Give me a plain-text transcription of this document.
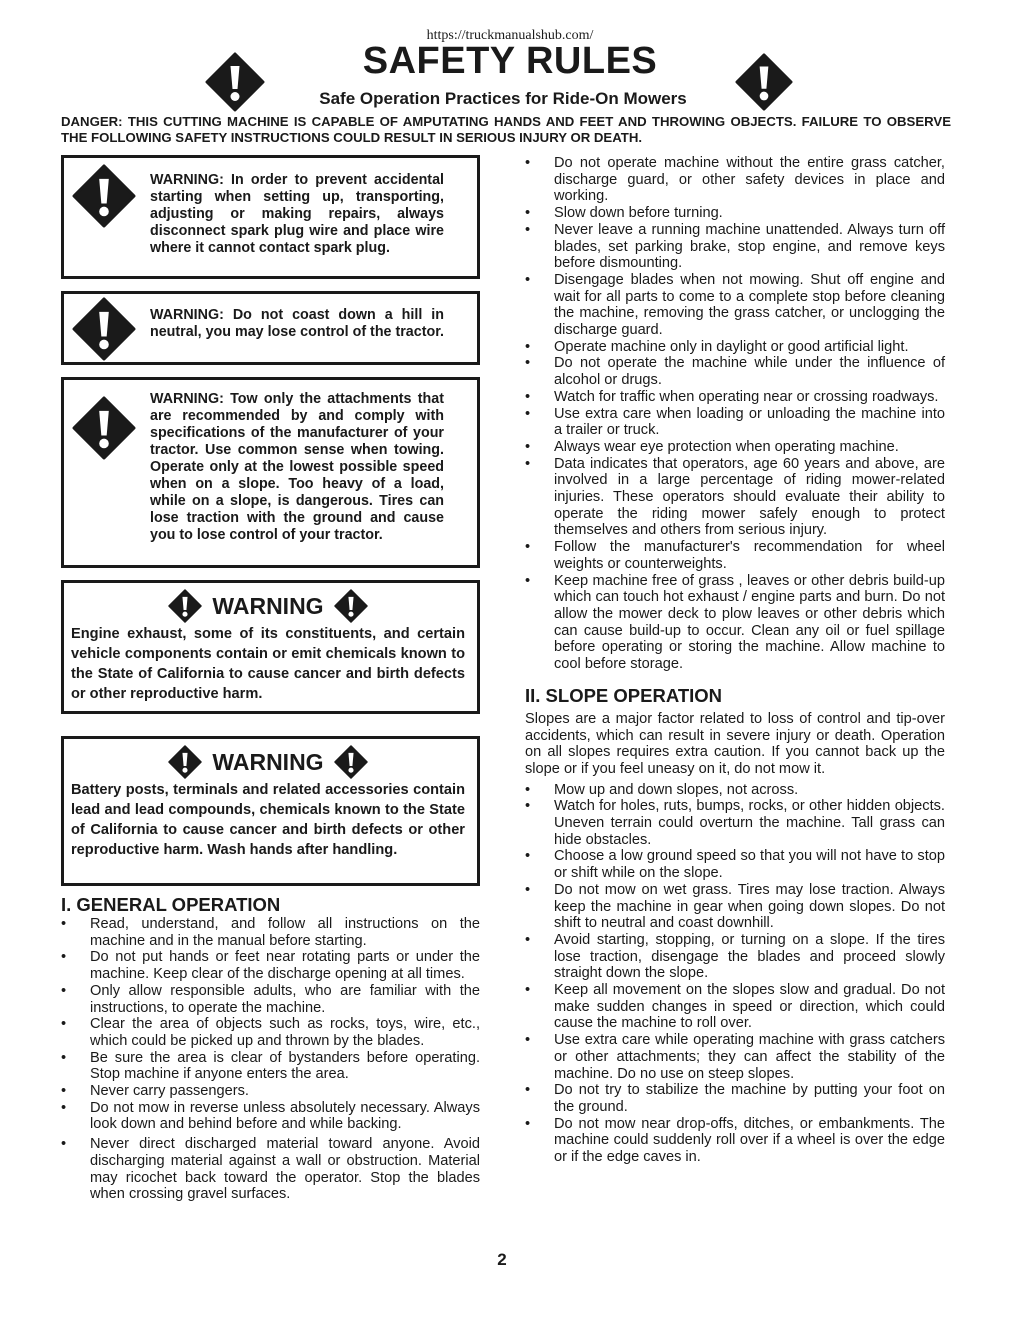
https://truckmanualshub.com/
SAFETY RULES
Safe Operation Practices for Ride-On Mowers
DANGER: THIS CUTTING MACHINE IS CAPABLE OF AMPUTATING HANDS AND FEET AND THROWING OBJECTS. FAILURE TO OBSERVE THE FOLLOWING SAFETY INSTRUCTIONS COULD RESULT IN SERIOUS INJURY OR DEATH.
WARNING: In order to prevent accidental starting when setting up, transporting, adjusting or making repairs, always disconnect spark plug wire and place wire where it cannot contact spark plug.
WARNING: Do not coast down a hill in neutral, you may lose control of the tractor.
WARNING: Tow only the attachments that are recommended by and comply with specifications of the manufacturer of your tractor. Use common sense when towing. Operate only at the lowest possible speed when on a slope. Too heavy of a load, while on a slope, is dangerous. Tires can lose traction with the ground and cause you to lose control of your tractor.
WARNING
Engine exhaust, some of its constituents, and certain vehicle components contain or emit chemicals known to the State of California to cause cancer and birth defects or other reproductive harm.
WARNING
Battery posts, terminals and related accessories contain lead and lead compounds, chemicals known to the State of California to cause cancer and birth defects or other reproductive harm. Wash hands after handling.
I. GENERAL OPERATION
• Read, understand, and follow all instructions on the machine and in the manual before starting.
• Do not put hands or feet near rotating parts or under the machine. Keep clear of the discharge opening at all times.
• Only allow responsible adults, who are familiar with the instructions, to operate the machine.
• Clear the area of objects such as rocks, toys, wire, etc., which could be picked up and thrown by the blades.
• Be sure the area is clear of bystanders before operating. Stop machine if anyone enters the area.
• Never carry passengers.
• Do not mow in reverse unless absolutely necessary. Always look down and behind before and while backing.
• Never direct discharged material toward anyone. Avoid discharging material against a wall or obstruction. Material may ricochet back toward the operator. Stop the blades when crossing gravel surfaces.
• Do not operate machine without the entire grass catcher, discharge guard, or other safety devices in place and working.
• Slow down before turning.
• Never leave a running machine unattended. Always turn off blades, set parking brake, stop engine, and remove keys before dismounting.
• Disengage blades when not mowing. Shut off engine and wait for all parts to come to a complete stop before cleaning the machine, removing the grass catcher, or unclogging the discharge guard.
• Operate machine only in daylight or good artificial light.
• Do not operate the machine while under the influence of alcohol or drugs.
• Watch for traffic when operating near or crossing roadways.
• Use extra care when loading or unloading the machine into a trailer or truck.
• Always wear eye protection when operating machine.
• Data indicates that operators, age 60 years and above, are involved in a large percentage of riding mower-related injuries. These operators should evaluate their ability to operate the riding mower safely enough to protect themselves and others from serious injury.
• Follow the manufacturer's recommendation for wheel weights or counterweights.
• Keep machine free of grass , leaves or other debris build-up which can touch hot exhaust / engine parts and burn. Do not allow the mower deck to plow leaves or other debris which can cause build-up to occur. Clean any oil or fuel spillage before operating or storing the machine. Allow machine to cool before storage.
II. SLOPE OPERATION

Slopes are a major factor related to loss of control and tip-over accidents, which can result in severe injury or death. Operation on all slopes requires extra caution. If you cannot back up the slope or if you feel uneasy on it, do not mow it.

• Mow up and down slopes, not across.
• Watch for holes, ruts, bumps, rocks, or other hidden objects. Uneven terrain could overturn the machine. Tall grass can hide obstacles.
• Choose a low ground speed so that you will not have to stop or shift while on the slope.
• Do not mow on wet grass. Tires may lose traction. Always keep the machine in gear when going down slopes. Do not shift to neutral and coast downhill.
• Avoid starting, stopping, or turning on a slope. If the tires lose traction, disengage the blades and proceed slowly straight down the slope.
• Keep all movement on the slopes slow and gradual. Do not make sudden changes in speed or direction, which could cause the machine to roll over.
• Use extra care while operating machine with grass catchers or other attachments; they can affect the stability of the machine. Do no use on steep slopes.
• Do not try to stabilize the machine by putting your foot on the ground.
• Do not mow near drop-offs, ditches, or embankments. The machine could suddenly roll over if a wheel is over the edge or if the edge caves in.
2
